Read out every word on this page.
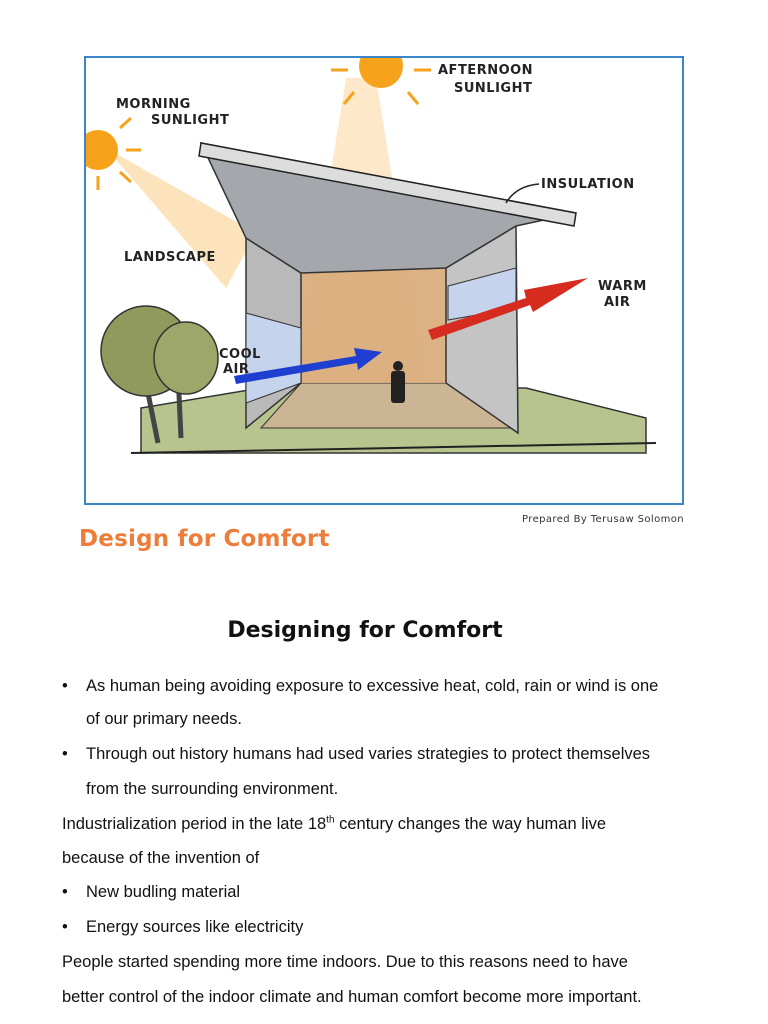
MORNING
SUNLIGHT
AFTERNOON
SUNLIGHT
INSULATION
LANDSCAPE
WARM
AIR
COOL
AIR
Prepared By Terusaw Solomon
Design for Comfort
Designing for Comfort
• As human being avoiding exposure to excessive heat, cold, rain or wind is one
of our primary needs.
• Through out history humans had used varies strategies to protect themselves
from the surrounding environment.
Industrialization period in the late 18th century changes the way human live
because of the invention of
• New budling material
• Energy sources like electricity
People started spending more time indoors. Due to this reasons need to have
better control of the indoor climate and human comfort become more important.
